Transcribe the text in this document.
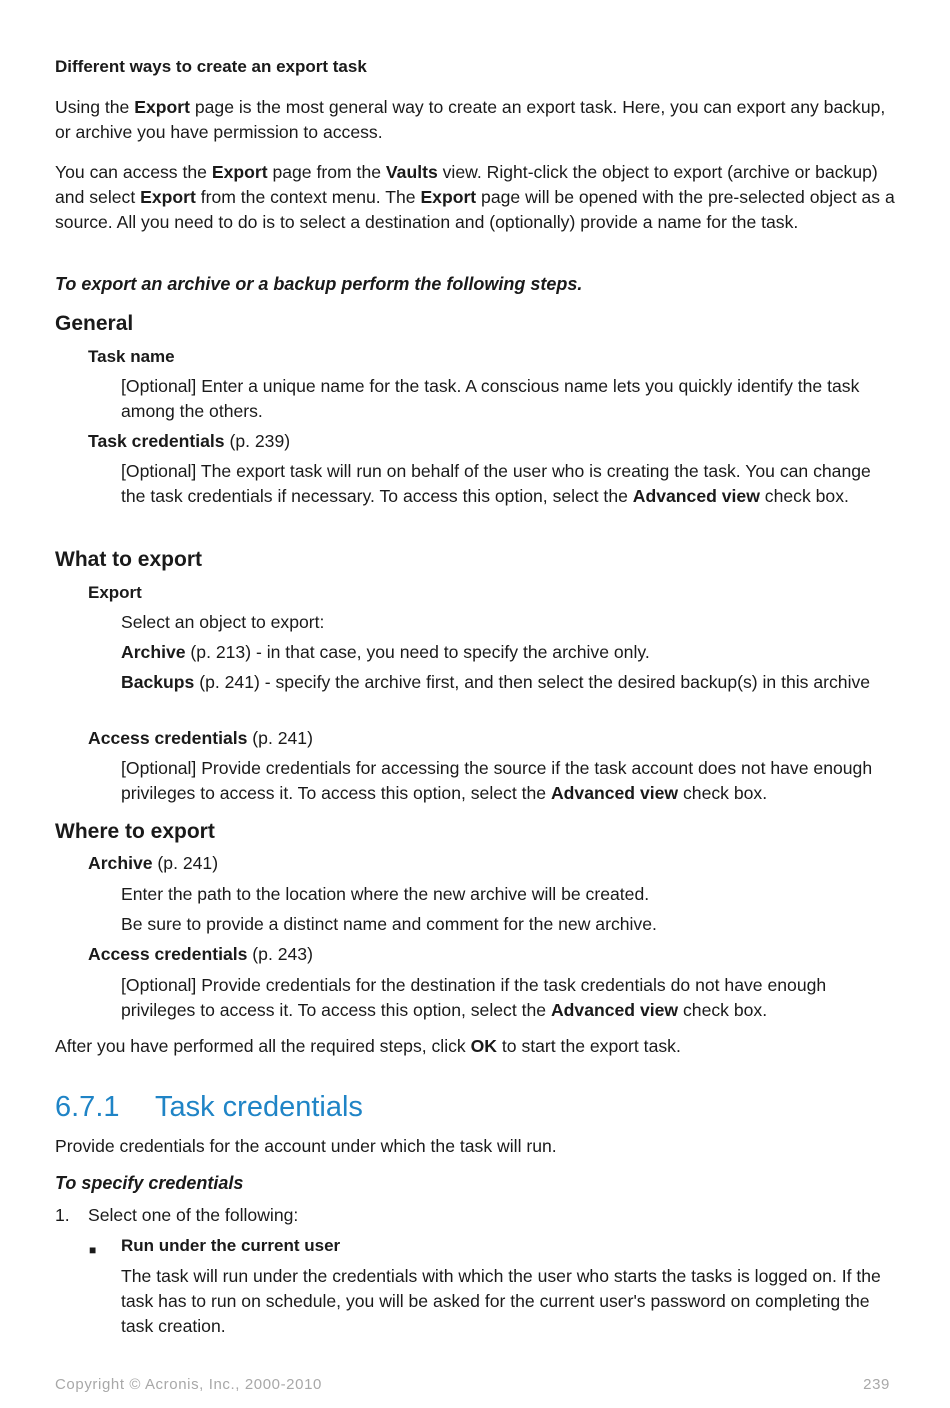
Different ways to create an export task

Using the Export page is the most general way to create an export task. Here, you can export any backup, or archive you have permission to access.

You can access the Export page from the Vaults view. Right-click the object to export (archive or backup) and select Export from the context menu. The Export page will be opened with the pre-selected object as a source. All you need to do is to select a destination and (optionally) provide a name for the task.

To export an archive or a backup perform the following steps.

General

Task name

[Optional] Enter a unique name for the task. A conscious name lets you quickly identify the task among the others.

Task credentials (p. 239)

[Optional] The export task will run on behalf of the user who is creating the task. You can change the task credentials if necessary. To access this option, select the Advanced view check box.

What to export

Export

Select an object to export:

Archive (p. 213) - in that case, you need to specify the archive only.

Backups (p. 241) - specify the archive first, and then select the desired backup(s) in this archive

Access credentials (p. 241)

[Optional] Provide credentials for accessing the source if the task account does not have enough privileges to access it. To access this option, select the Advanced view check box.

Where to export

Archive (p. 241)

Enter the path to the location where the new archive will be created.

Be sure to provide a distinct name and comment for the new archive.

Access credentials (p. 243)

[Optional] Provide credentials for the destination if the task credentials do not have enough privileges to access it. To access this option, select the Advanced view check box.

After you have performed all the required steps, click OK to start the export task.

6.7.1 Task credentials

Provide credentials for the account under which the task will run.

To specify credentials

1. Select one of the following:

■ Run under the current user

The task will run under the credentials with which the user who starts the tasks is logged on. If the task has to run on schedule, you will be asked for the current user's password on completing the task creation.

Copyright © Acronis, Inc., 2000-2010	239
